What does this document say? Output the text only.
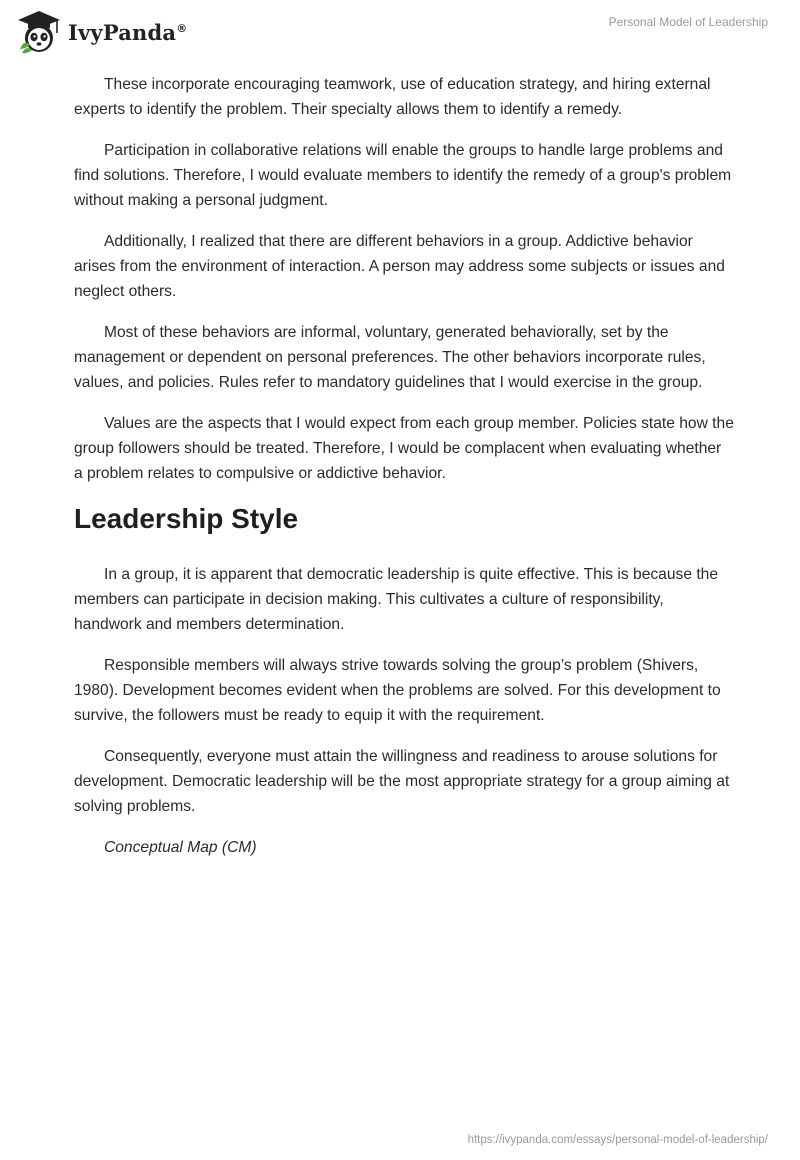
IvyPanda®	Personal Model of Leadership

These incorporate encouraging teamwork, use of education strategy, and hiring external experts to identify the problem. Their specialty allows them to identify a remedy.

Participation in collaborative relations will enable the groups to handle large problems and find solutions. Therefore, I would evaluate members to identify the remedy of a group's problem without making a personal judgment.

Additionally, I realized that there are different behaviors in a group. Addictive behavior arises from the environment of interaction. A person may address some subjects or issues and neglect others.

Most of these behaviors are informal, voluntary, generated behaviorally, set by the management or dependent on personal preferences. The other behaviors incorporate rules, values, and policies. Rules refer to mandatory guidelines that I would exercise in the group.

Values are the aspects that I would expect from each group member. Policies state how the group followers should be treated. Therefore, I would be complacent when evaluating whether a problem relates to compulsive or addictive behavior.

Leadership Style

In a group, it is apparent that democratic leadership is quite effective. This is because the members can participate in decision making. This cultivates a culture of responsibility, handwork and members determination.

Responsible members will always strive towards solving the group’s problem (Shivers, 1980). Development becomes evident when the problems are solved. For this development to survive, the followers must be ready to equip it with the requirement.

Consequently, everyone must attain the willingness and readiness to arouse solutions for development. Democratic leadership will be the most appropriate strategy for a group aiming at solving problems.

Conceptual Map (CM)

https://ivypanda.com/essays/personal-model-of-leadership/
